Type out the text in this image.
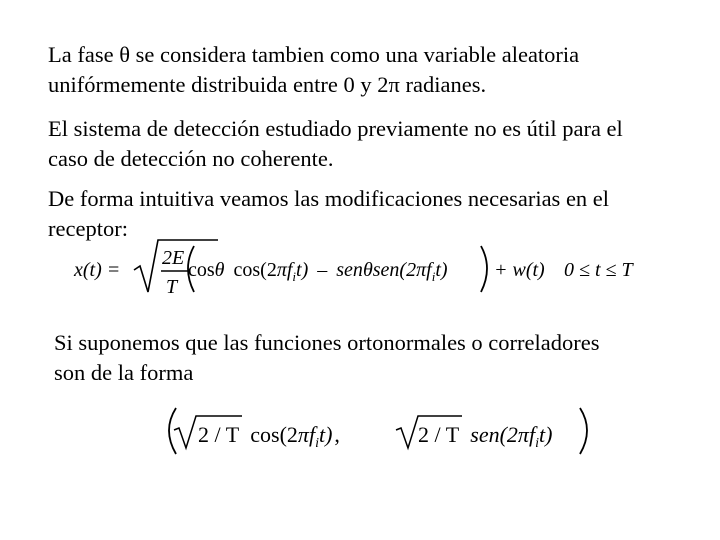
La fase θ se considera tambien como una variable aleatoria
unifórmemente distribuida entre 0 y 2π radianes.

El sistema de detección estudiado previamente no es útil para el
caso de detección no coherente.

De forma intuitiva veamos las modificaciones necesarias en el
receptor:

x(t) =
2E
T
cosθ $\cos(2\pi f_it) - sen\theta sen(2\pi f_it) + w(t) 0 \le t \le T$

Si suponemos que las funciones ortonormales o correladores
son de la forma

2 / T $\cos(2\pi f_it)$,	2 / T $sen(2\pi f_it)$
